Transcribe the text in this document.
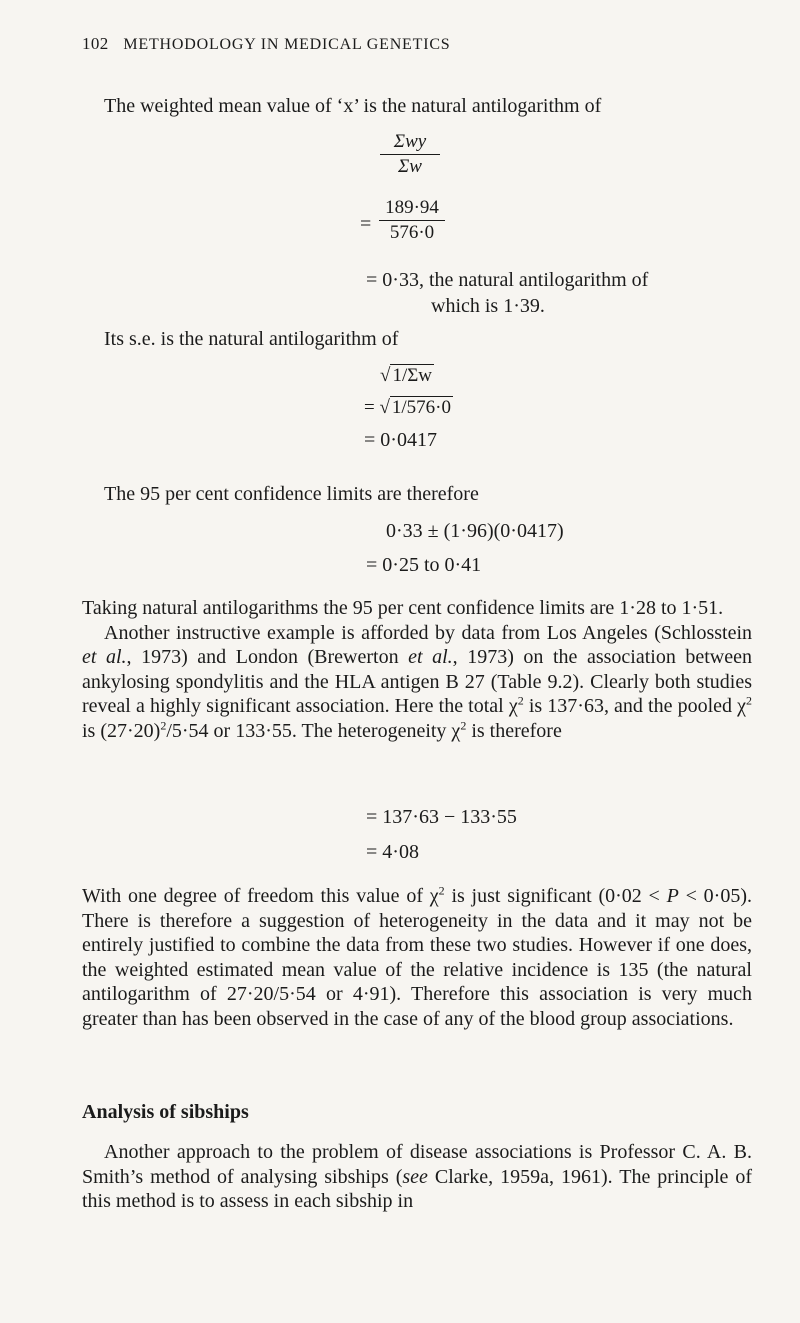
102 METHODOLOGY IN MEDICAL GENETICS
The weighted mean value of ‘x’ is the natural antilogarithm of
Σwy
Σw
= $\frac{189\cdot 94}{576\cdot 0}$
= 0·33, the natural antilogarithm of
which is 1·39.
Its s.e. is the natural antilogarithm of
√ 1/Σw
= √ 1/576·0
= 0·0417
The 95 per cent confidence limits are therefore
0·33 ± (1·96)(0·0417)
= 0·25 to 0·41

Taking natural antilogarithms the 95 per cent confidence limits are 1·28 to 1·51.

Another instructive example is afforded by data from Los Angeles (Schlosstein et al., 1973) and London (Brewerton et al., 1973) on the association between ankylosing spondylitis and the HLA antigen B 27 (Table 9.2). Clearly both studies reveal a highly significant association. Here the total $\chi^2$ is 137·63, and the pooled $\chi^2$ is $(27\cdot 20)^2/5\cdot 54$ or 133·55. The heterogeneity $\chi^2$ is therefore

= 137·63 − 133·55
= 4·08

With one degree of freedom this value of $\chi^2$ is just significant (0·02 < P < 0·05). There is therefore a suggestion of heterogeneity in the data and it may not be entirely justified to combine the data from these two studies. However if one does, the weighted estimated mean value of the relative incidence is 135 (the natural antilogarithm of 27·20/5·54 or 4·91). Therefore this association is very much greater than has been observed in the case of any of the blood group associations.

Analysis of sibships

Another approach to the problem of disease associations is Professor C. A. B. Smith’s method of analysing sibships (see Clarke, 1959a, 1961). The principle of this method is to assess in each sibship in
